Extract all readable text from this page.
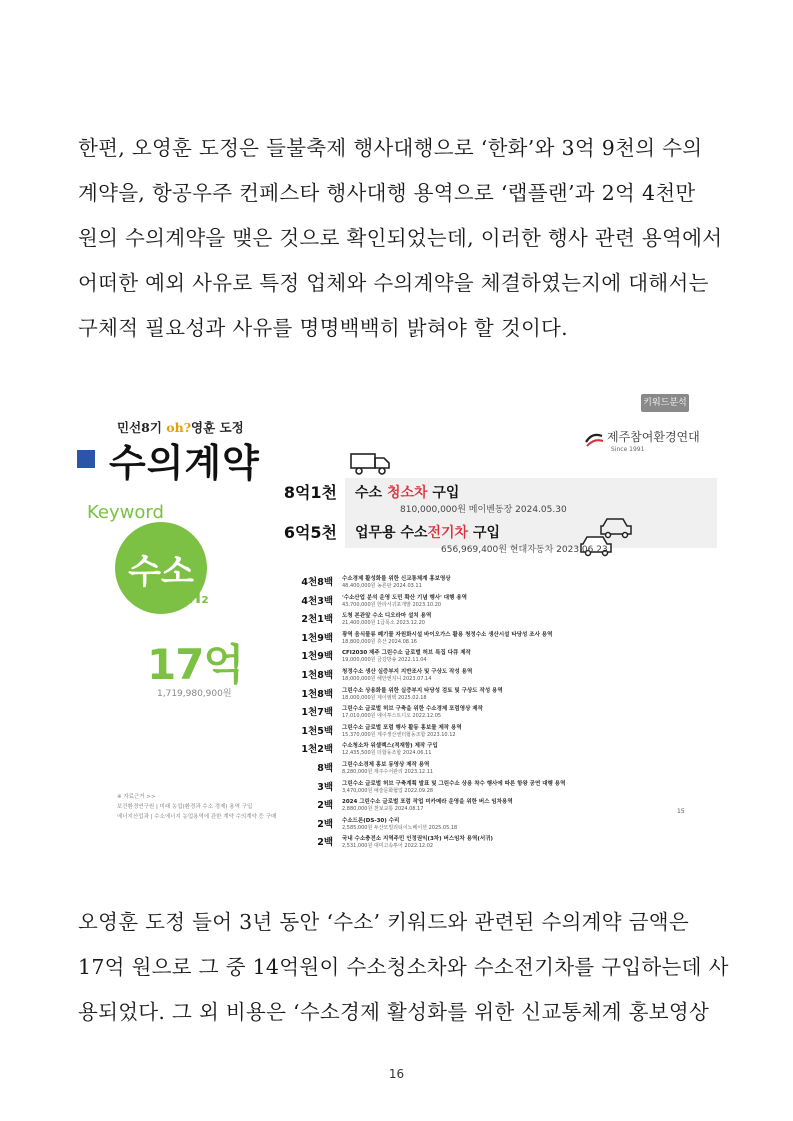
한편, 오영훈 도정은 들불축제 행사대행으로 ‘한화’와 3억 9천의 수의

계약을, 항공우주 컨페스타 행사대행 용역으로 ‘랩플랜’과 2억 4천만

원의 수의계약을 맺은 것으로 확인되었는데, 이러한 행사 관련 용역에서

어떠한 예외 사유로 특정 업체와 수의계약을 체결하였는지에 대해서는

구체적 필요성과 사유를 명명백백히 밝혀야 할 것이다.

키워드분석
민선8기 oh?영훈 도정
수의계약
제주참여환경연대
Since 1991
Keyword
수소
H₂
17억
1,719,980,900원
※ 자료근거 >>
보건환경연구원 | 미래 농업(환경과 수소 경제) 용역 구입
에너지산업과 | 수소에너지 농업용역에 관한 계약 수의계약 등 구매
8억1천 수소 청소차 구입
810,000,000원 메이벤동장 2024.05.30
6억5천 업무용 수소전기차 구입
656,969,400원 현대자동차 2023.06.23
4천8백 수소경제 활성화를 위한 신교통체계 홍보영상
48,400,000원 농른판 2024.03.11
4천3백 '수소산업 분석 운영 도민 확산 기념 행사' 대행 용역
43,700,000원 한라서귀포개발 2023.10.20
2천1백 도청 본관앞 수소 디오라마 설치 용역
21,400,000원 1급목소 2023.12.20
1천9백 광역 음식물류 폐기물 자원화시설 바이오가스 활용 청정수소 생산시설 타당성 조사 용역
18,800,000원 휴산 2024.08.16
1천9백 CFI2030 제주 그린수소 글로벌 허브 특집 다큐 제작
19,000,000원 금강방송 2022.11.04
1천8백 청정수소 생산 실증부지 지반조사 및 구상도 작성 용역
18,000,000원 해안엔지니 2023.07.14
1천8백 그린수소 상용화를 위한 실증부지 타당성 검토 및 구상도 작성 용역
18,000,000원 제이엠텍 2025.02.18
1천7백 그린수소 글로벌 허브 구축을 위한 수소경제 포럼영상 제작
17,010,000원 에이투스트디오 2022.12.05
1천5백 그린수소 글로벌 포럼 행사 활동 홍보물 제작 용역
15,370,000원 제주생산센터협동조합 2023.10.12
1천2백 수소청소차 워셀렉스(적재함) 제작 구입
12,435,500원 더합동조합 2024.06.11
8백 그린수소경제 홍보 동영상 제작 용역
8,280,000원 제주수서관리 2023.12.11
3백 그린수소 글로벌 허브 구축계획 발표 및 그린수소 상용 착수 행사에 따른 항왕 공연 대행 용역
3,470,000원 예술문화협업 2022.09.28
2백 2024 그린수소 글로벌 포럼 작업 미카메라 운영을 위한 버스 임차용역
2,880,000원 천보교통 2024.08.17
2백 수소드론(DS-30) 수리
2,585,000원 두산모빌리티이노베이션 2025.05.18
2백 국내 수소충전소 지역주민 인정권익(3차) 버스임차 용역(서귀)
2,531,000원 대미고속투어 2022.12.02
15

오영훈 도정 들어 3년 동안 ‘수소’ 키워드와 관련된 수의계약 금액은

17억 원으로 그 중 14억원이 수소청소차와 수소전기차를 구입하는데 사

용되었다. 그 외 비용은 ‘수소경제 활성화를 위한 신교통체계 홍보영상

16
